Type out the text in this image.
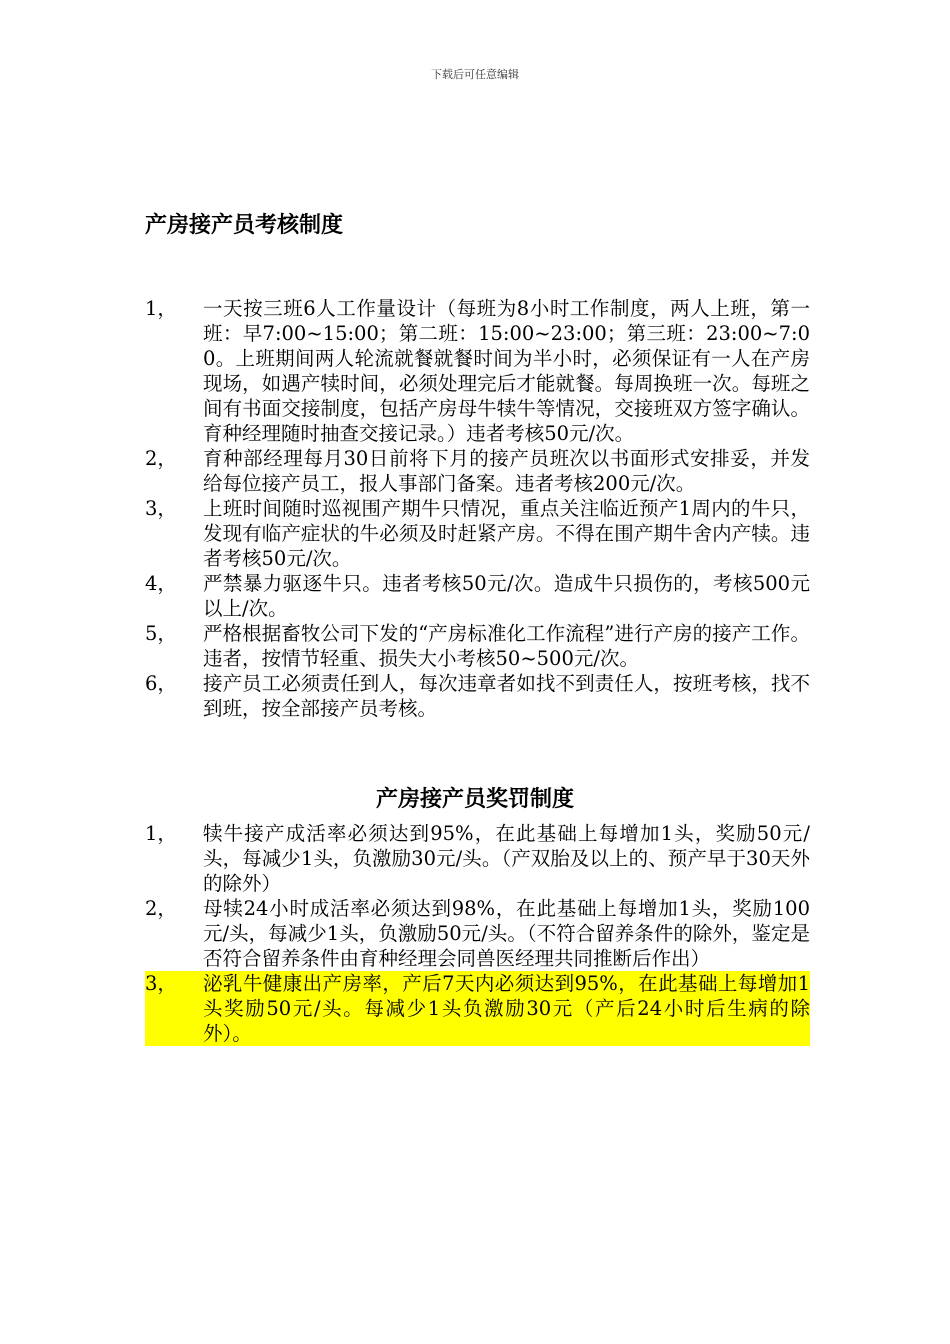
下载后可任意编辑
产房接产员考核制度
1，	一天按三班6人工作量设计（每班为8小时工作制度，两人上班，第一班：早7:00~15:00；第二班：15:00~23:00；第三班：23:00~7:00。上班期间两人轮流就餐就餐时间为半小时，必须保证有一人在产房现场，如遇产犊时间，必须处理完后才能就餐。每周换班一次。每班之间有书面交接制度，包括产房母牛犊牛等情况，交接班双方签字确认。育种经理随时抽查交接记录。）违者考核50元/次。
2，	育种部经理每月30日前将下月的接产员班次以书面形式安排妥，并发给每位接产员工，报人事部门备案。违者考核200元/次。
3，	上班时间随时巡视围产期牛只情况，重点关注临近预产1周内的牛只，发现有临产症状的牛必须及时赶紧产房。不得在围产期牛舍内产犊。违者考核50元/次。
4，	严禁暴力驱逐牛只。违者考核50元/次。造成牛只损伤的，考核500元以上/次。
5，	严格根据畜牧公司下发的“产房标准化工作流程”进行产房的接产工作。违者，按情节轻重、损失大小考核50~500元/次。
6，	接产员工必须责任到人，每次违章者如找不到责任人，按班考核，找不到班，按全部接产员考核。
产房接产员奖罚制度
1，	犊牛接产成活率必须达到95%，在此基础上每增加1头，奖励50元/头，每减少1头，负激励30元/头。（产双胎及以上的、预产早于30天外的除外）
2，	母犊24小时成活率必须达到98%，在此基础上每增加1头，奖励100元/头，每减少1头，负激励50元/头。（不符合留养条件的除外，鉴定是否符合留养条件由育种经理会同兽医经理共同推断后作出）
3，	泌乳牛健康出产房率，产后7天内必须达到95%，在此基础上每增加1头奖励50元/头。每减少1头负激励30元（产后24小时后生病的除外）。
